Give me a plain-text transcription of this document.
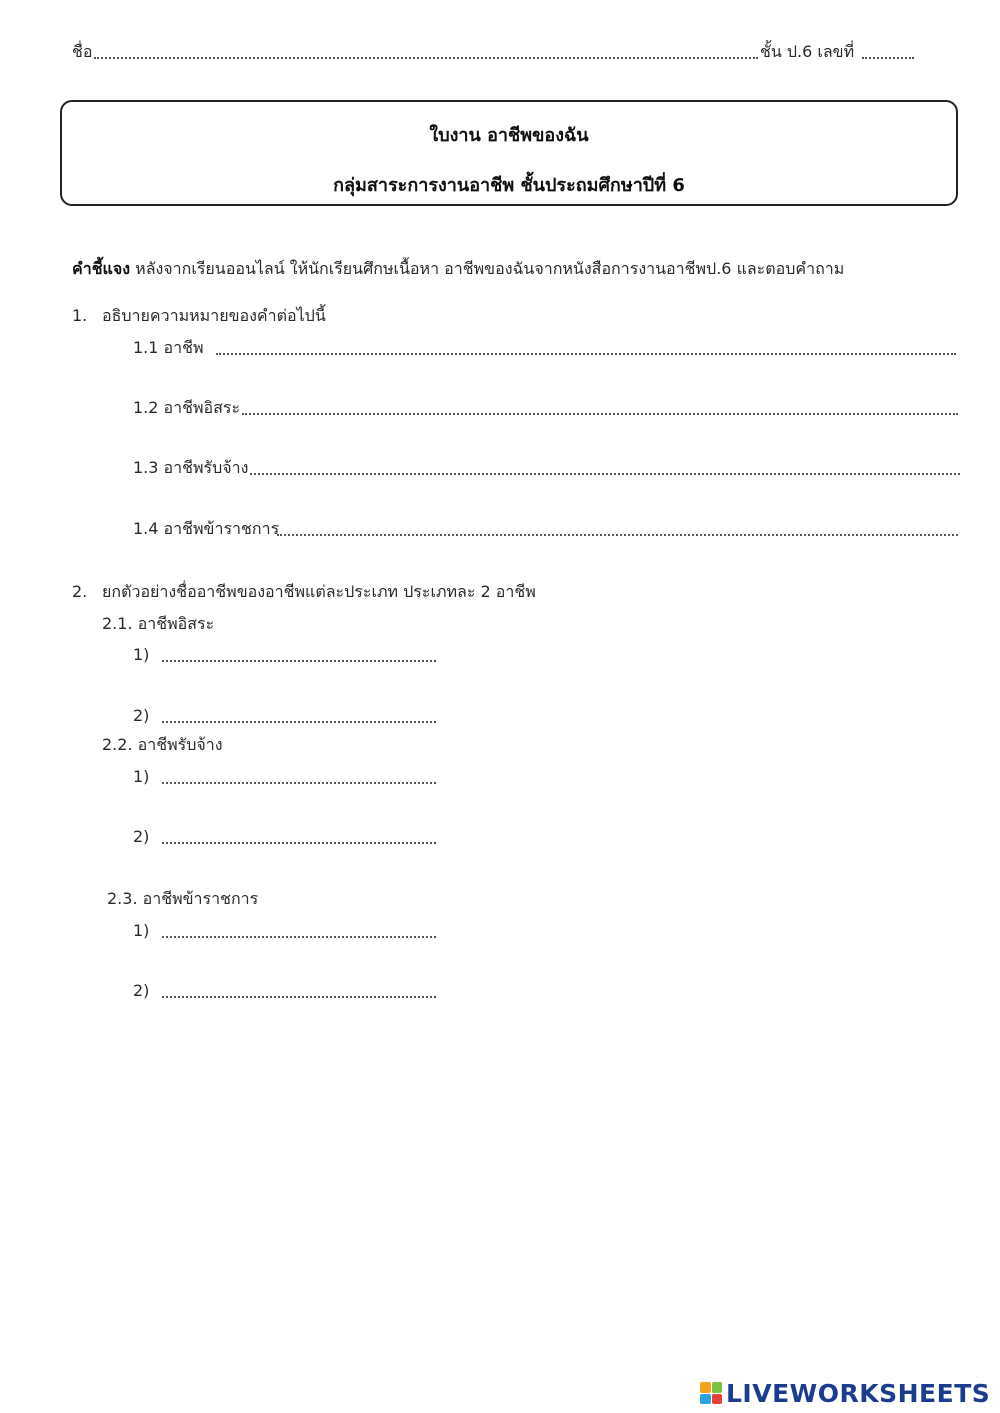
ชื่อ	ชั้น ป.6 เลขที่
ใบงาน อาชีพของฉัน
กลุ่มสาระการงานอาชีพ ชั้นประถมศึกษาปีที่ 6
คำชี้แจง หลังจากเรียนออนไลน์ ให้นักเรียนศึกษเนื้อหา อาชีพของฉันจากหนังสือการงานอาชีพป.6 และตอบคำถาม
1. อธิบายความหมายของคำต่อไปนี้
1.1 อาชีพ
1.2 อาชีพอิสระ
1.3 อาชีพรับจ้าง
1.4 อาชีพข้าราชการ
2. ยกตัวอย่างชื่ออาชีพของอาชีพแต่ละประเภท ประเภทละ 2 อาชีพ
2.1. อาชีพอิสระ
1)
2)
2.2. อาชีพรับจ้าง
1)
2)
2.3. อาชีพข้าราชการ
1)
2)
LIVEWORKSHEETS
